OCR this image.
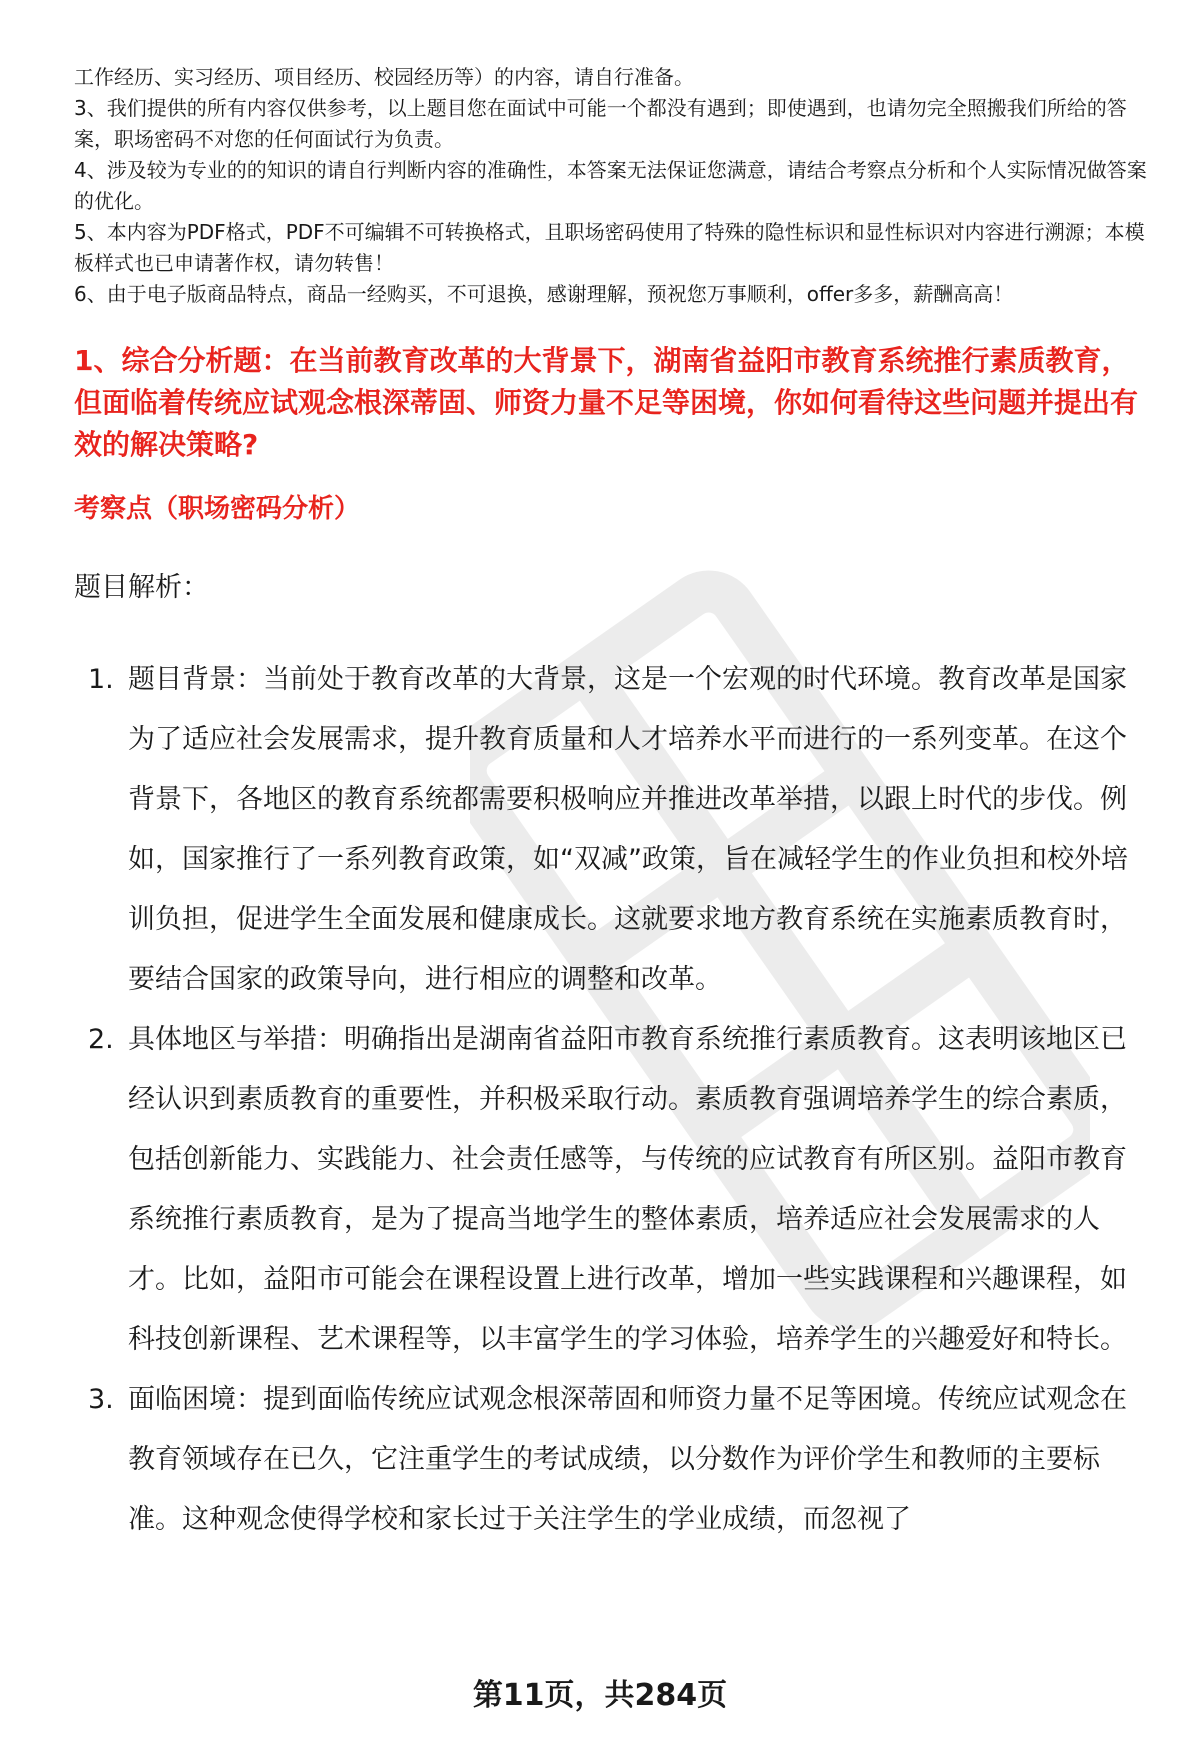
工作经历、实习经历、项目经历、校园经历等）的内容，请自行准备。

3、我们提供的所有内容仅供参考，以上题目您在面试中可能一个都没有遇到；即使遇到，也请勿完全照搬我们所给的答案，职场密码不对您的任何面试行为负责。

4、涉及较为专业的的知识的请自行判断内容的准确性，本答案无法保证您满意，请结合考察点分析和个人实际情况做答案的优化。

5、本内容为PDF格式，PDF不可编辑不可转换格式，且职场密码使用了特殊的隐性标识和显性标识对内容进行溯源；本模板样式也已申请著作权，请勿转售！

6、由于电子版商品特点，商品一经购买，不可退换，感谢理解，预祝您万事顺利，offer多多，薪酬高高！

1、综合分析题：在当前教育改革的大背景下，湖南省益阳市教育系统推行素质教育，但面临着传统应试观念根深蒂固、师资力量不足等困境，你如何看待这些问题并提出有效的解决策略?
考察点（职场密码分析）

题目解析：

1. 题目背景：当前处于教育改革的大背景，这是一个宏观的时代环境。教育改革是国家为了适应社会发展需求，提升教育质量和人才培养水平而进行的一系列变革。在这个背景下，各地区的教育系统都需要积极响应并推进改革举措，以跟上时代的步伐。例如，国家推行了一系列教育政策，如“双减”政策，旨在减轻学生的作业负担和校外培训负担，促进学生全面发展和健康成长。这就要求地方教育系统在实施素质教育时，要结合国家的政策导向，进行相应的调整和改革。
2. 具体地区与举措：明确指出是湖南省益阳市教育系统推行素质教育。这表明该地区已经认识到素质教育的重要性，并积极采取行动。素质教育强调培养学生的综合素质，包括创新能力、实践能力、社会责任感等，与传统的应试教育有所区别。益阳市教育系统推行素质教育，是为了提高当地学生的整体素质，培养适应社会发展需求的人才。比如，益阳市可能会在课程设置上进行改革，增加一些实践课程和兴趣课程，如科技创新课程、艺术课程等，以丰富学生的学习体验，培养学生的兴趣爱好和特长。
3. 面临困境：提到面临传统应试观念根深蒂固和师资力量不足等困境。传统应试观念在教育领域存在已久，它注重学生的考试成绩，以分数作为评价学生和教师的主要标准。这种观念使得学校和家长过于关注学生的学业成绩，而忽视了

第11页，共284页
